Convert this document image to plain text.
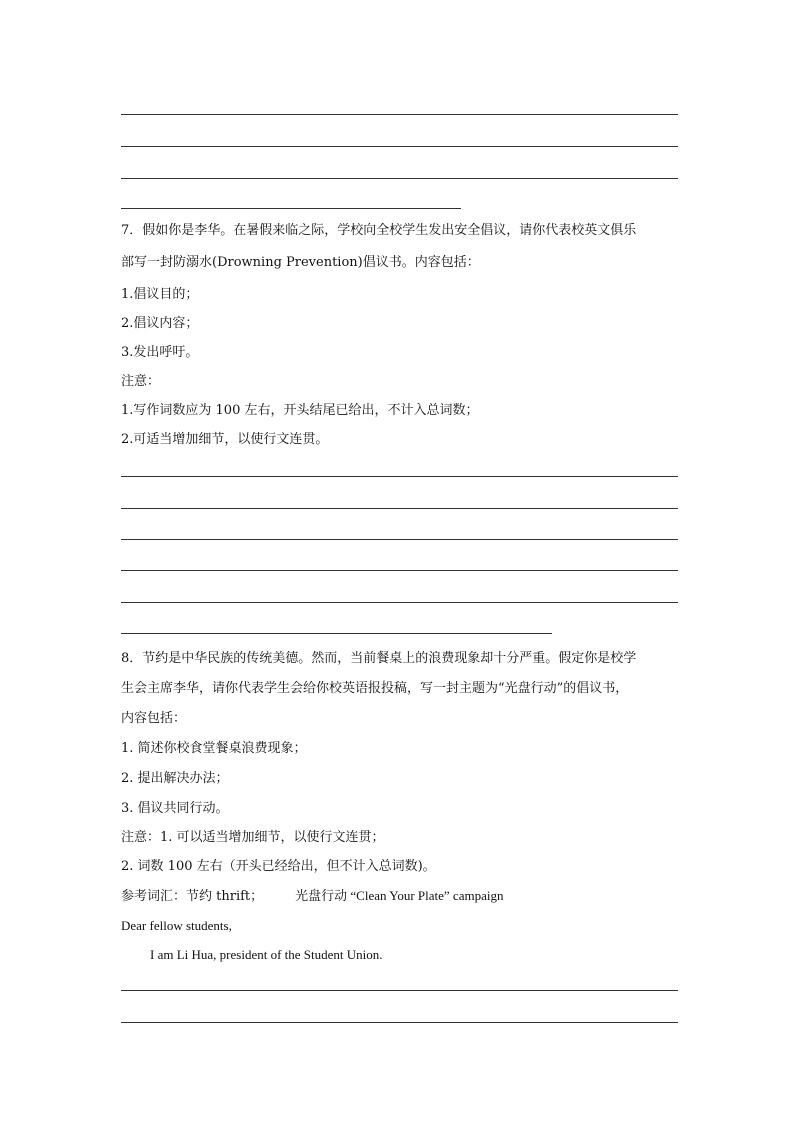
7．假如你是李华。在暑假来临之际，学校向全校学生发出安全倡议，请你代表校英文俱乐
部写一封防溺水(Drowning Prevention)倡议书。内容包括：
1.倡议目的；
2.倡议内容；
3.发出呼吁。
注意：
1.写作词数应为 100 左右，开头结尾已给出，不计入总词数；
2.可适当增加细节，以使行文连贯。
8．节约是中华民族的传统美德。然而，当前餐桌上的浪费现象却十分严重。假定你是校学
生会主席李华，请你代表学生会给你校英语报投稿，写一封主题为“光盘行动”的倡议书，
内容包括：
1. 简述你校食堂餐桌浪费现象；
2. 提出解决办法；
3. 倡议共同行动。
注意：1. 可以适当增加细节，以使行文连贯；
2. 词数 100 左右（开头已经给出，但不计入总词数)。
参考词汇：节约 thrift； 光盘行动 “Clean Your Plate” campaign
Dear fellow students,
I am Li Hua, president of the Student Union.
